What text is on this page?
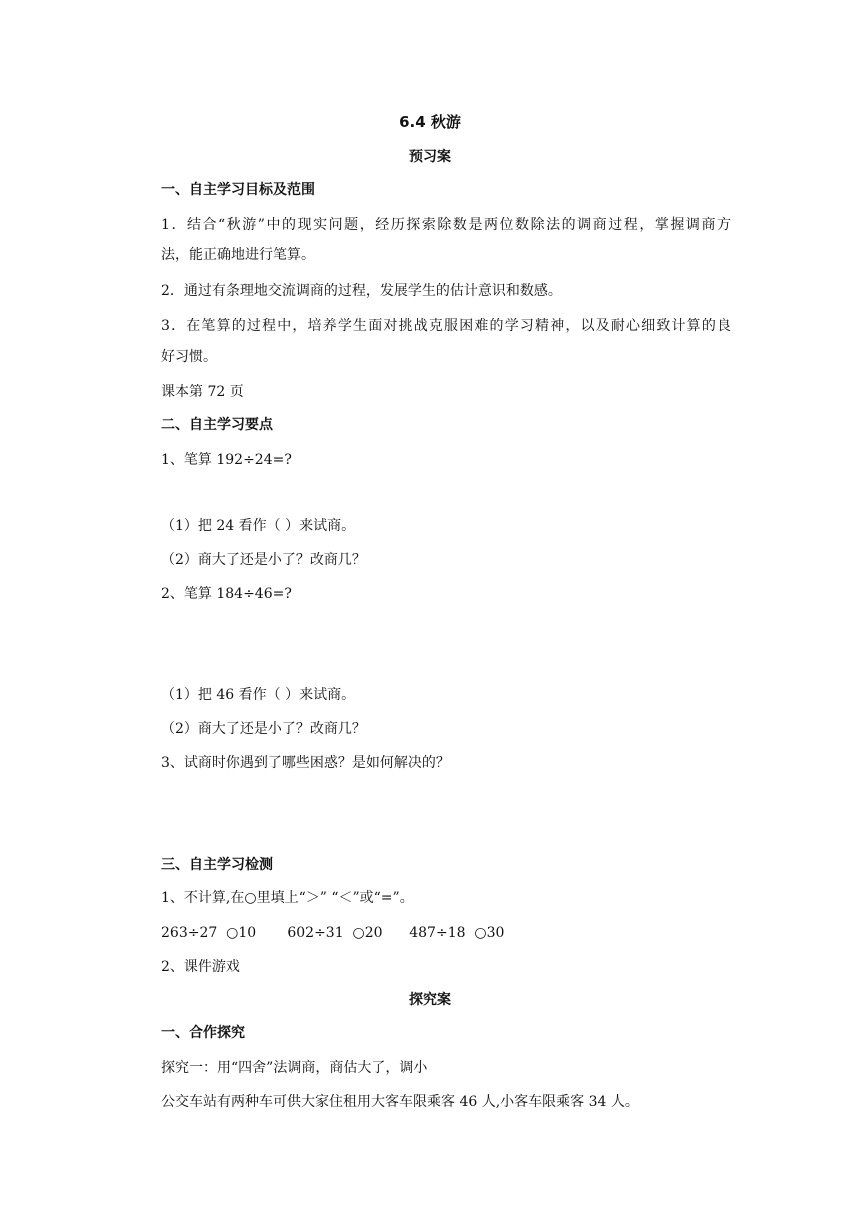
6.4 秋游
预习案
一、自主学习目标及范围
1．结合“秋游”中的现实问题，经历探索除数是两位数除法的调商过程，掌握调商方
法，能正确地进行笔算。
2．通过有条理地交流调商的过程，发展学生的估计意识和数感。
3．在笔算的过程中，培养学生面对挑战克服困难的学习精神，以及耐心细致计算的良
好习惯。
课本第 72 页
二、自主学习要点
1、笔算 192÷24=?
（1）把 24 看作（ ）来试商。
（2）商大了还是小了？改商几？
2、笔算 184÷46=?
（1）把 46 看作（ ）来试商。
（2）商大了还是小了？改商几？
3、试商时你遇到了哪些困惑？是如何解决的？
三、自主学习检测
1、不计算,在○里填上“＞” “＜”或“=”。
263÷27  ○10       602÷31  ○20      487÷18  ○30
2、课件游戏
探究案
一、合作探究
探究一：用“四舍”法调商，商估大了，调小
公交车站有两种车可供大家住租用大客车限乘客 46 人,小客车限乘客 34 人。
